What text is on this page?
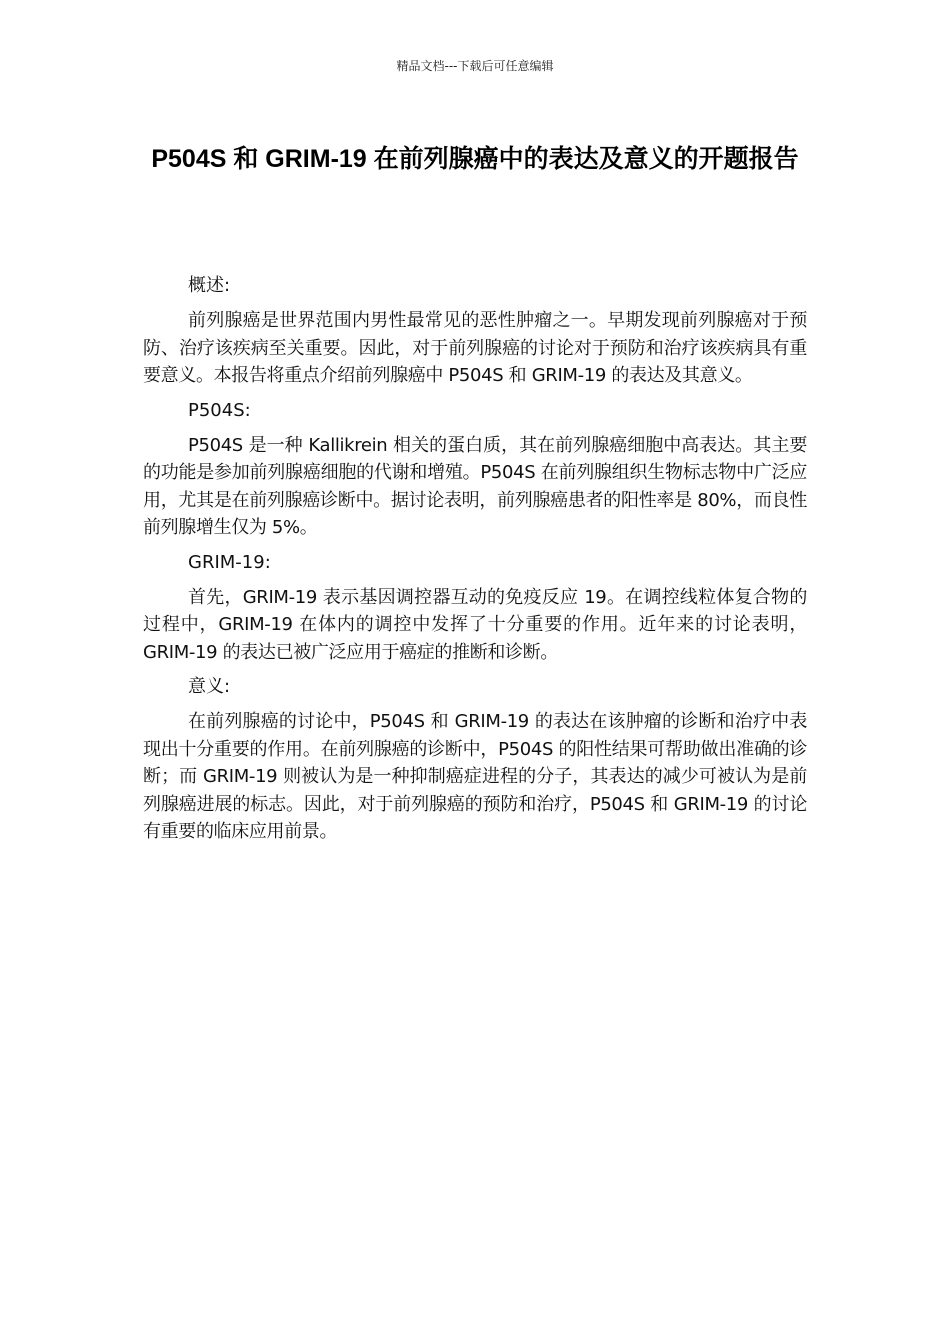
精品文档---下载后可任意编辑
P504S 和 GRIM-19 在前列腺癌中的表达及意义的开题报告

概述:

前列腺癌是世界范围内男性最常见的恶性肿瘤之一。早期发现前列腺癌对于预防、治疗该疾病至关重要。因此，对于前列腺癌的讨论对于预防和治疗该疾病具有重要意义。本报告将重点介绍前列腺癌中 P504S 和 GRIM-19 的表达及其意义。

P504S:

P504S 是一种 Kallikrein 相关的蛋白质，其在前列腺癌细胞中高表达。其主要的功能是参加前列腺癌细胞的代谢和增殖。P504S 在前列腺组织生物标志物中广泛应用，尤其是在前列腺癌诊断中。据讨论表明，前列腺癌患者的阳性率是 80%，而良性前列腺增生仅为 5%。

GRIM-19:

首先，GRIM-19 表示基因调控器互动的免疫反应 19。在调控线粒体复合物的过程中，GRIM-19 在体内的调控中发挥了十分重要的作用。近年来的讨论表明，GRIM-19 的表达已被广泛应用于癌症的推断和诊断。

意义:

在前列腺癌的讨论中，P504S 和 GRIM-19 的表达在该肿瘤的诊断和治疗中表现出十分重要的作用。在前列腺癌的诊断中，P504S 的阳性结果可帮助做出准确的诊断；而 GRIM-19 则被认为是一种抑制癌症进程的分子，其表达的减少可被认为是前列腺癌进展的标志。因此，对于前列腺癌的预防和治疗，P504S 和 GRIM-19 的讨论有重要的临床应用前景。
